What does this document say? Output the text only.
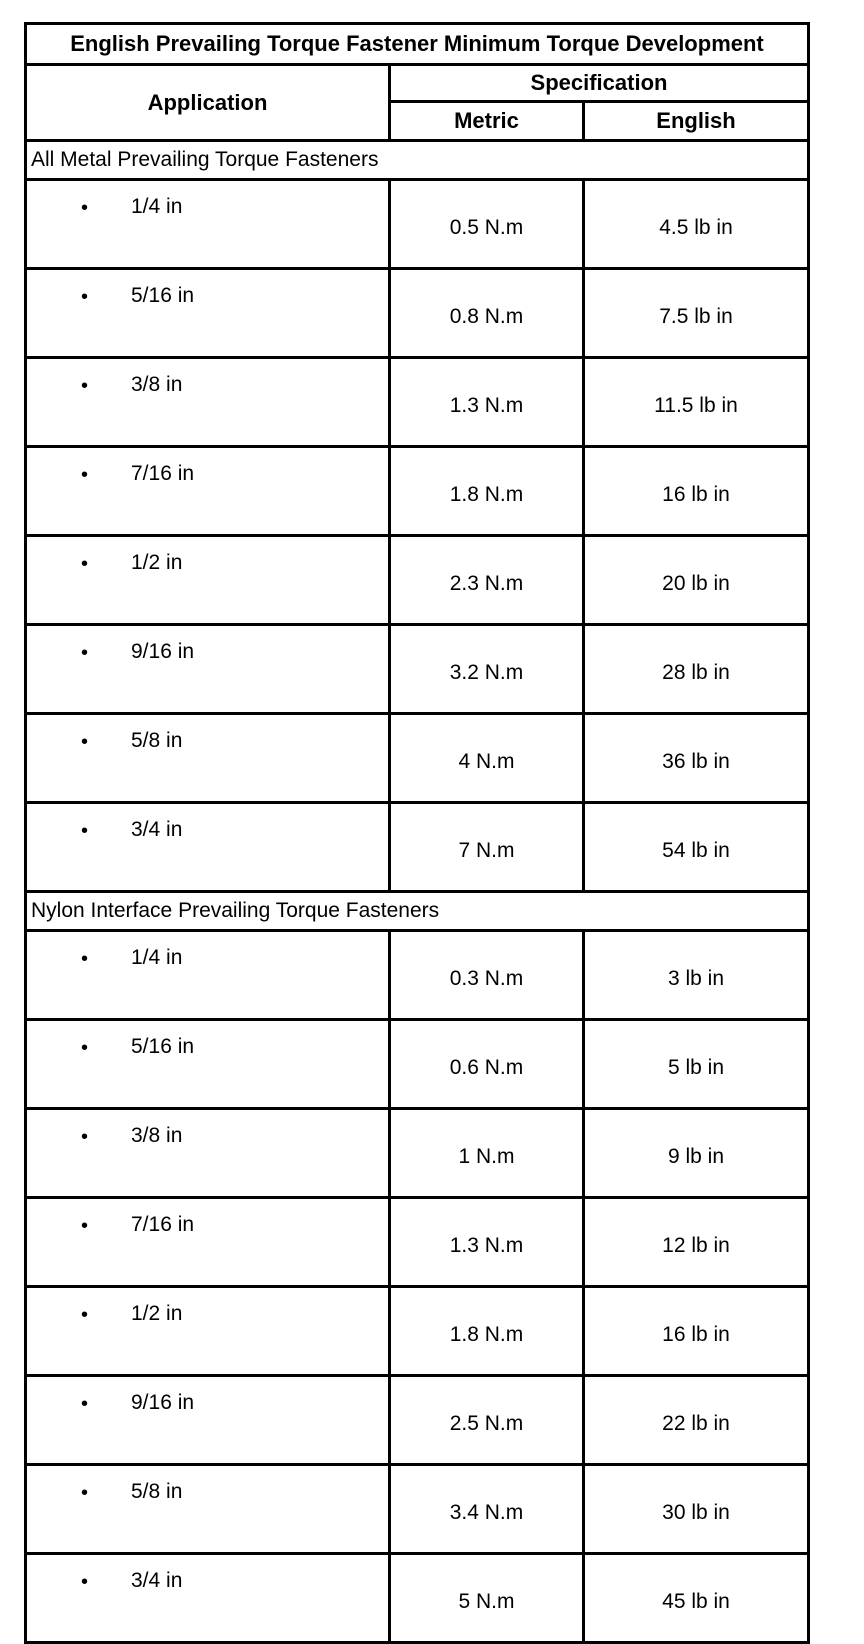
English Prevailing Torque Fastener Minimum Torque Development		
Application	Specification	
	Metric	English
All Metal Prevailing Torque Fasteners		

• 1/4 in	0.5 N.m	4.5 lb in

• 5/16 in	0.8 N.m	7.5 lb in

• 3/8 in	1.3 N.m	11.5 lb in

• 7/16 in	1.8 N.m	16 lb in

• 1/2 in	2.3 N.m	20 lb in

• 9/16 in	3.2 N.m	28 lb in

• 5/8 in	4 N.m	36 lb in

• 3/4 in	7 N.m	54 lb in
Nylon Interface Prevailing Torque Fasteners		

• 1/4 in	0.3 N.m	3 lb in

• 5/16 in	0.6 N.m	5 lb in

• 3/8 in	1 N.m	9 lb in

• 7/16 in	1.3 N.m	12 lb in

• 1/2 in	1.8 N.m	16 lb in

• 9/16 in	2.5 N.m	22 lb in

• 5/8 in	3.4 N.m	30 lb in

• 3/4 in	5 N.m	45 lb in
